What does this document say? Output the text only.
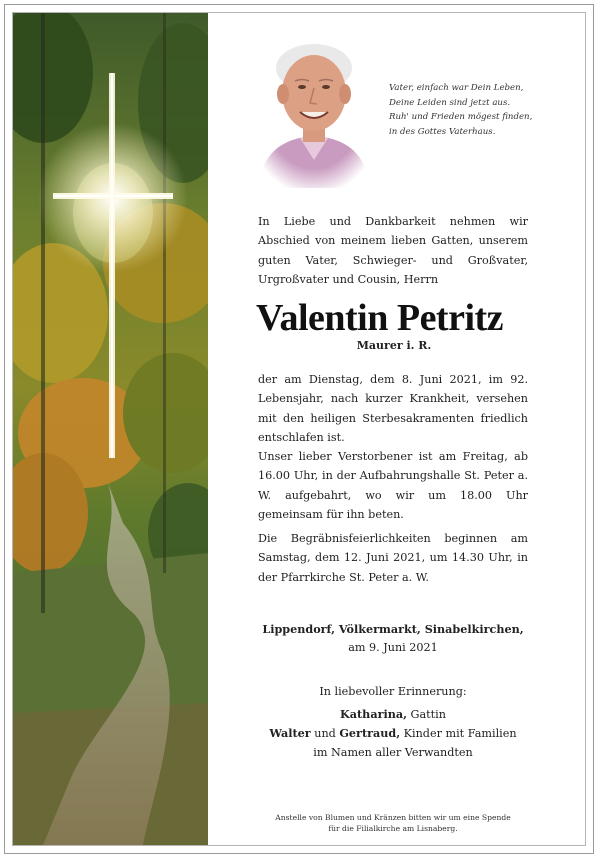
Vater, einfach war Dein Leben,
Deine Leiden sind jetzt aus.
Ruh' und Frieden mögest finden,
in des Gottes Vaterhaus.
In Liebe und Dankbarkeit nehmen wir Abschied von meinem lieben Gatten, unserem guten Vater, Schwieger- und Großvater, Urgroßvater und Cousin, Herrn
Valentin Petritz
Maurer i. R.
der am Dienstag, dem 8. Juni 2021, im 92. Lebensjahr, nach kurzer Krankheit, versehen mit den heiligen Sterbesakramenten friedlich entschlafen ist.
Unser lieber Verstorbener ist am Freitag, ab 16.00 Uhr, in der Aufbahrungshalle St. Peter a. W. aufgebahrt, wo wir um 18.00 Uhr gemeinsam für ihn beten.
Die Begräbnisfeierlichkeiten beginnen am Samstag, dem 12. Juni 2021, um 14.30 Uhr, in der Pfarrkirche St. Peter a. W.
Lippendorf, Völkermarkt, Sinabelkirchen,
am 9. Juni 2021
In liebevoller Erinnerung:
Katharina, Gattin
Walter und Gertraud, Kinder mit Familien
im Namen aller Verwandten
Anstelle von Blumen und Kränzen bitten wir um eine Spende
für die Filialkirche am Lisnaberg.
